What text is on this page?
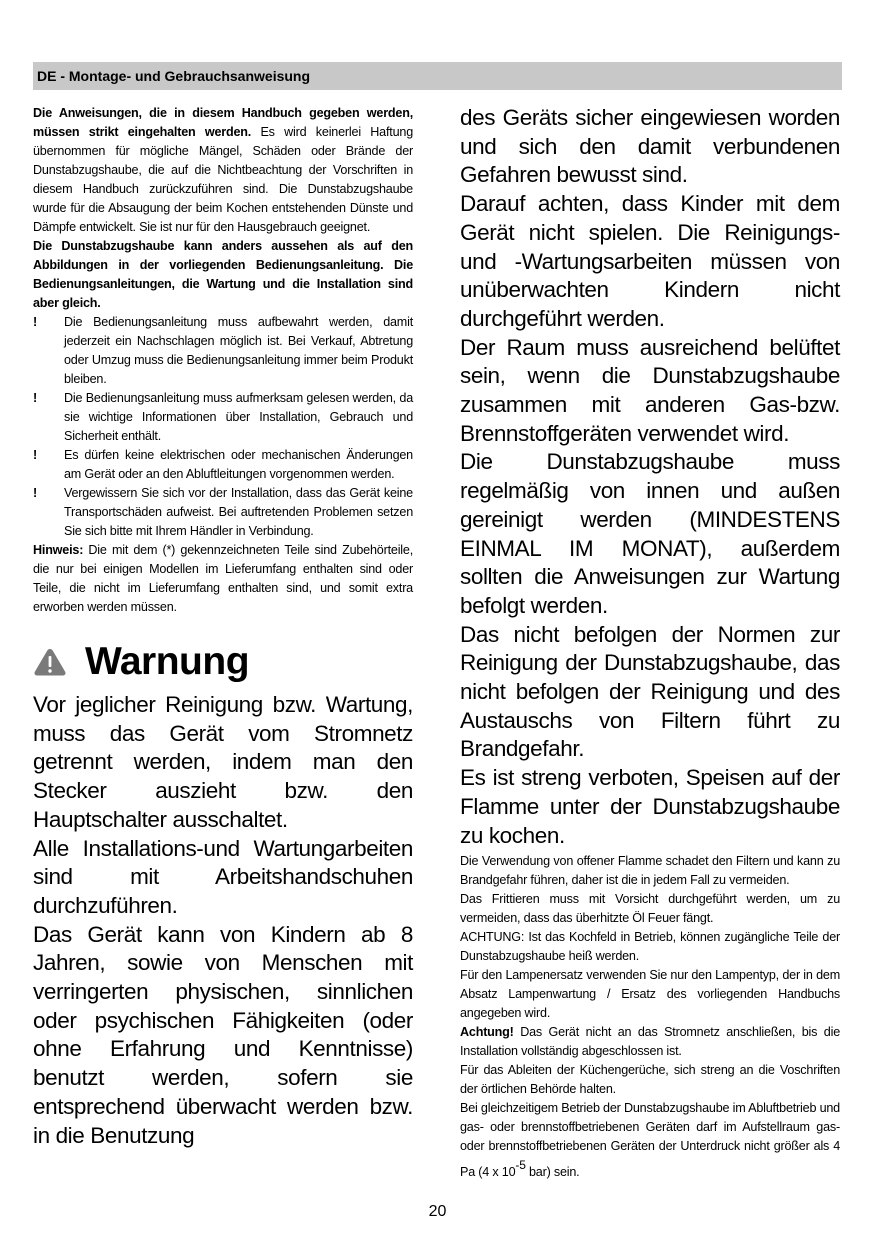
DE - Montage- und Gebrauchsanweisung

Die Anweisungen, die in diesem Handbuch gegeben werden, müssen strikt eingehalten werden. Es wird keinerlei Haftung übernommen für mögliche Mängel, Schäden oder Brände der Dunstabzugshaube, die auf die Nichtbeachtung der Vorschriften in diesem Handbuch zurückzuführen sind. Die Dunstabzugshaube wurde für die Absaugung der beim Kochen entstehenden Dünste und Dämpfe entwickelt. Sie ist nur für den Hausgebrauch geeignet.

Die Dunstabzugshaube kann anders aussehen als auf den Abbildungen in der vorliegenden Bedienungsanleitung. Die Bedienungsanleitungen, die Wartung und die Installation sind aber gleich.

! Die Bedienungsanleitung muss aufbewahrt werden, damit jederzeit ein Nachschlagen möglich ist. Bei Verkauf, Abtretung oder Umzug muss die Bedienungsanleitung immer beim Produkt bleiben.
! Die Bedienungsanleitung muss aufmerksam gelesen werden, da sie wichtige Informationen über Installation, Gebrauch und Sicherheit enthält.
! Es dürfen keine elektrischen oder mechanischen Änderungen am Gerät oder an den Abluftleitungen vorgenommen werden.
! Vergewissern Sie sich vor der Installation, dass das Gerät keine Transportschäden aufweist. Bei auftretenden Problemen setzen Sie sich bitte mit Ihrem Händler in Verbindung.

Hinweis: Die mit dem (*) gekennzeichneten Teile sind Zubehörteile, die nur bei einigen Modellen im Lieferumfang enthalten sind oder Teile, die nicht im Lieferumfang enthalten sind, und somit extra erworben werden müssen.

Warnung

Vor jeglicher Reinigung bzw. Wartung, muss das Gerät vom Stromnetz getrennt werden, indem man den Stecker auszieht bzw. den Hauptschalter ausschaltet.

Alle Installations-und Wartungarbeiten sind mit Arbeitshandschuhen durchzuführen.

Das Gerät kann von Kindern ab 8 Jahren, sowie von Menschen mit verringerten physischen, sinnlichen oder psychischen Fähigkeiten (oder ohne Erfahrung und Kenntnisse) benutzt werden, sofern sie entsprechend überwacht werden bzw. in die Benutzung

des Geräts sicher eingewiesen worden und sich den damit verbundenen Gefahren bewusst sind.

Darauf achten, dass Kinder mit dem Gerät nicht spielen. Die Reinigungs- und -Wartungsarbeiten müssen von unüberwachten Kindern nicht durchgeführt werden.

Der Raum muss ausreichend belüftet sein, wenn die Dunstabzugshaube zusammen mit anderen Gas-bzw. Brennstoffgeräten verwendet wird.

Die Dunstabzugshaube muss regelmäßig von innen und außen gereinigt werden (MINDESTENS EINMAL IM MONAT), außerdem sollten die Anweisungen zur Wartung befolgt werden.

Das nicht befolgen der Normen zur Reinigung der Dunstabzugshaube, das nicht befolgen der Reinigung und des Austauschs von Filtern führt zu Brandgefahr.

Es ist streng verboten, Speisen auf der Flamme unter der Dunstabzugshaube zu kochen.

Die Verwendung von offener Flamme schadet den Filtern und kann zu Brandgefahr führen, daher ist die in jedem Fall zu vermeiden.

Das Frittieren muss mit Vorsicht durchgeführt werden, um zu vermeiden, dass das überhitzte Öl Feuer fängt.

ACHTUNG: Ist das Kochfeld in Betrieb, können zugängliche Teile der Dunstabzugshaube heiß werden.

Für den Lampenersatz verwenden Sie nur den Lampentyp, der in dem Absatz Lampenwartung / Ersatz des vorliegenden Handbuchs angegeben wird.

Achtung! Das Gerät nicht an das Stromnetz anschließen, bis die Installation vollständig abgeschlossen ist.

Für das Ableiten der Küchengerüche, sich streng an die Voschriften der örtlichen Behörde halten.

Bei gleichzeitigem Betrieb der Dunstabzugshaube im Abluftbetrieb und gas- oder brennstoffbetriebenen Geräten darf im Aufstellraum gas- oder brennstoffbetriebenen Geräten der Unterdruck nicht größer als 4 Pa (4 x 10-5 bar) sein.

20
